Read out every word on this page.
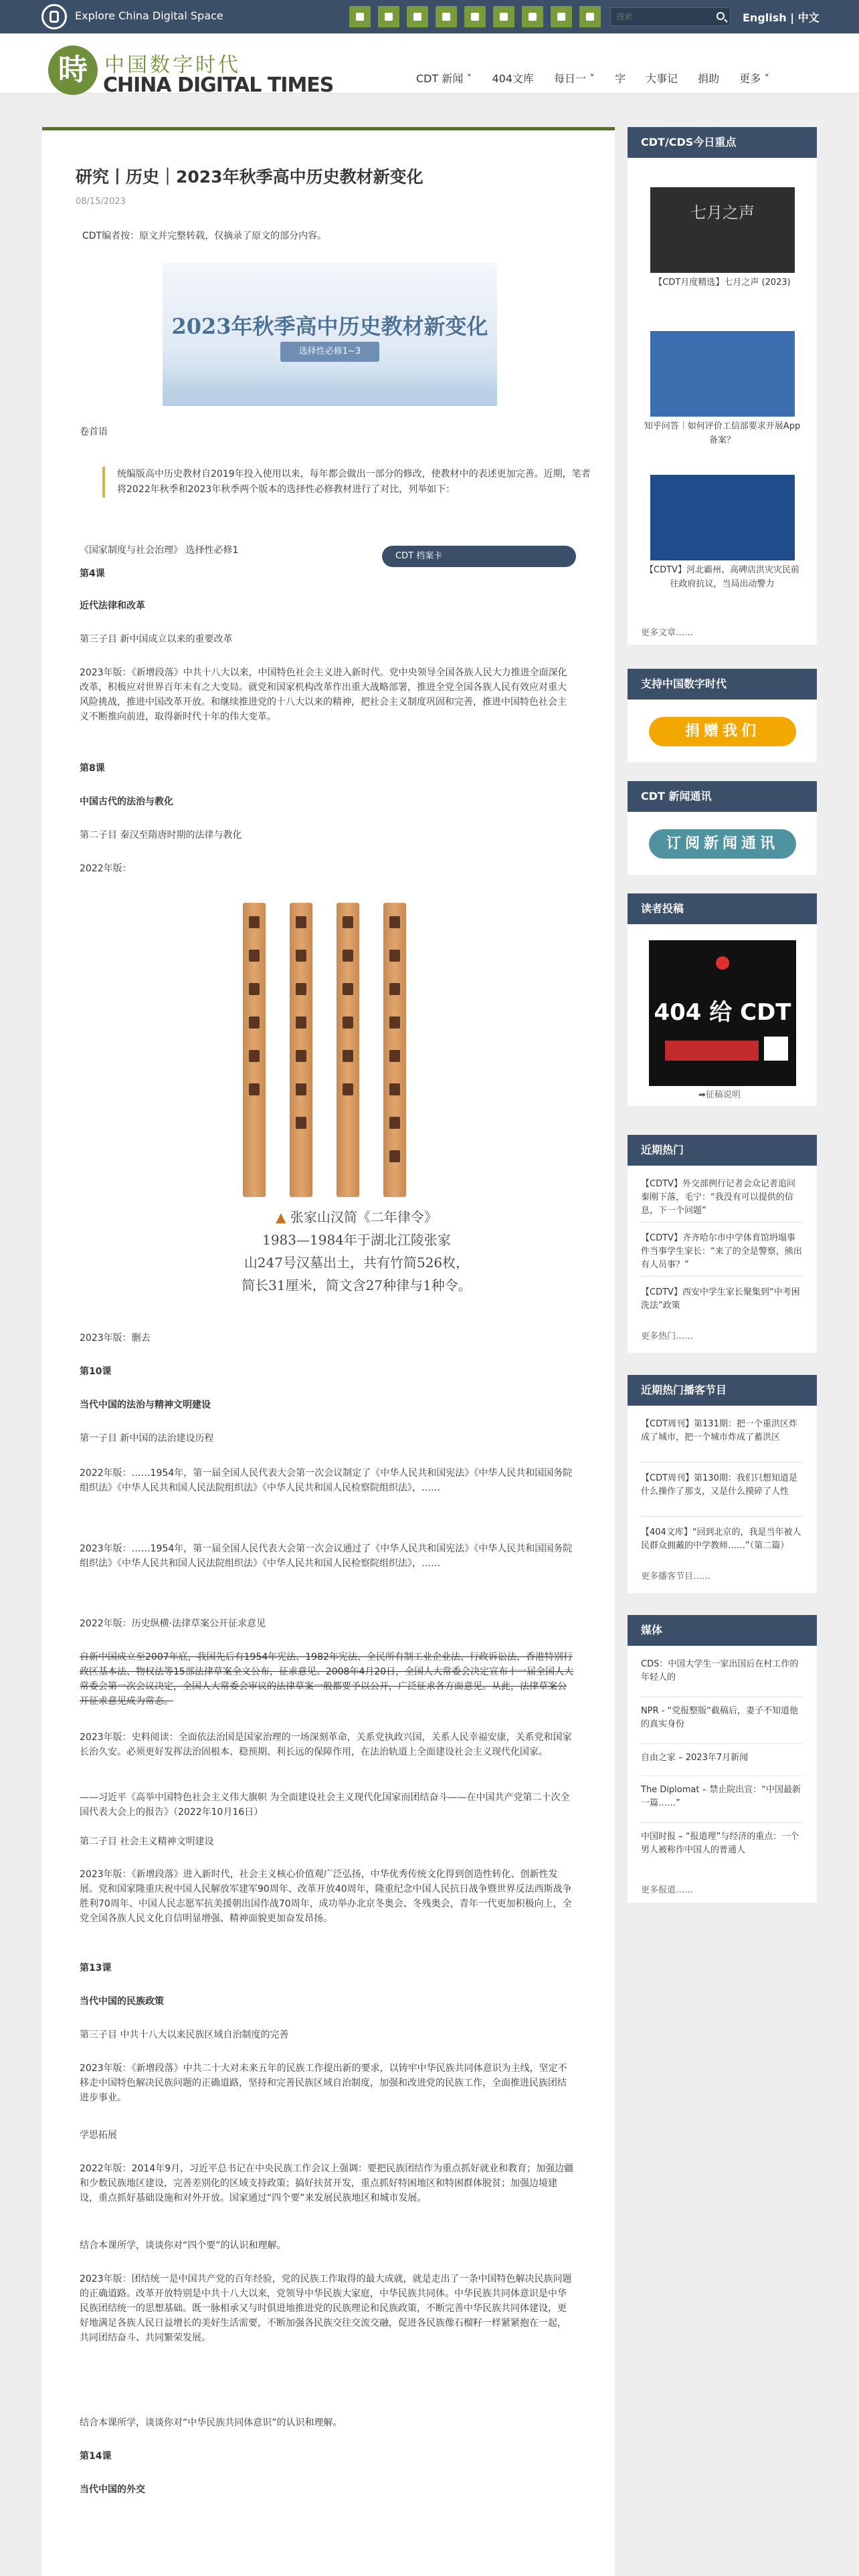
Explore China Digital Space
搜索	English | 中文
時 中国数字时代
CHINA DIGITAL TIMES	CDT 新闻 ˅ 404文库 每日一 ˅ 字 大事记 捐助 更多 ˅
研究丨历史｜2023年秋季高中历史教材新变化
08/15/2023
CDT编者按：原文并完整转载，仅摘录了原文的部分内容。
2023年秋季高中历史教材新变化
选择性必修1~3
卷首语
统编版高中历史教材自2019年投入使用以来，每年都会做出一部分的修改，使教材中的表述更加完善。近期，笔者将2022年秋季和2023年秋季两个版本的选择性必修教材进行了对比，列举如下：
《国家制度与社会治理》 选择性必修1
CDT 档案卡
第4课
近代法律和改革
第三子目 新中国成立以来的重要改革
2023年版：《新增段落》中共十八大以来，中国特色社会主义进入新时代。党中央领导全国各族人民大力推进全面深化改革，积极应对世界百年未有之大变局。就党和国家机构改革作出重大战略部署，推进全党全国各族人民有效应对重大风险挑战，推进中国改革开放。和继续推进党的十八大以来的精神，把社会主义制度巩固和完善，推进中国特色社会主义不断推向前进，取得新时代十年的伟大变革。
第8课
中国古代的法治与教化
第二子目 秦汉至隋唐时期的法律与教化
2022年版：
▲ 张家山汉简《二年律令》
1983—1984年于湖北江陵张家
山247号汉墓出土，共有竹简526枚，
简长31厘米，简文含27种律与1种令。
2023年版：删去
第10课
当代中国的法治与精神文明建设
第一子目 新中国的法治建设历程
2022年版：……1954年，第一届全国人民代表大会第一次会议制定了《中华人民共和国宪法》《中华人民共和国国务院组织法》《中华人民共和国人民法院组织法》《中华人民共和国人民检察院组织法》，……
2023年版：……1954年，第一届全国人民代表大会第一次会议通过了《中华人民共和国宪法》《中华人民共和国国务院组织法》《中华人民共和国人民法院组织法》《中华人民共和国人民检察院组织法》，……
2022年版：历史纵横·法律草案公开征求意见
自新中国成立至2007年底，我国先后有1954年宪法、1982年宪法、全民所有制工业企业法、行政诉讼法、香港特别行政区基本法、物权法等15部法律草案全文公布，征求意见。2008年4月20日，全国人大常委会决定宣布十一届全国人大常委会第一次会议决定，全国人大常委会审议的法律草案一般都要予以公开，广泛征求各方面意见。从此，法律草案公开征求意见成为常态。
2023年版：史料阅读：全面依法治国是国家治理的一场深刻革命，关系党执政兴国，关系人民幸福安康，关系党和国家长治久安。必须更好发挥法治固根本、稳预期、利长远的保障作用，在法治轨道上全面建设社会主义现代化国家。
——习近平《高举中国特色社会主义伟大旗帜 为全面建设社会主义现代化国家而团结奋斗——在中国共产党第二十次全国代表大会上的报告》（2022年10月16日）
第二子目 社会主义精神文明建设
2023年版：《新增段落》进入新时代，社会主义核心价值观广泛弘扬，中华优秀传统文化得到创造性转化、创新性发展。党和国家隆重庆祝中国人民解放军建军90周年、改革开放40周年，隆重纪念中国人民抗日战争暨世界反法西斯战争胜利70周年、中国人民志愿军抗美援朝出国作战70周年，成功举办北京冬奥会、冬残奥会，青年一代更加积极向上，全党全国各族人民文化自信明显增强、精神面貌更加奋发昂扬。
第13课
当代中国的民族政策
第三子目 中共十八大以来民族区域自治制度的完善
2023年版：《新增段落》中共二十大对未来五年的民族工作提出新的要求，以铸牢中华民族共同体意识为主线，坚定不移走中国特色解决民族问题的正确道路，坚持和完善民族区域自治制度，加强和改进党的民族工作，全面推进民族团结进步事业。
学思拓展
2022年版：2014年9月，习近平总书记在中央民族工作会议上强调：要把民族团结作为重点抓好就业和教育；加强边疆和少数民族地区建设，完善差别化的区域支持政策；搞好扶贫开发，重点抓好特困地区和特困群体脱贫；加强边境建设，重点抓好基础设施和对外开放。国家通过“四个要”来发展民族地区和城市发展。
结合本课所学，谈谈你对“四个要”的认识和理解。
2023年版：团结统一是中国共产党的百年经验，党的民族工作取得的最大成就，就是走出了一条中国特色解决民族问题的正确道路。改革开放特别是中共十八大以来，党领导中华民族大家庭，中华民族共同体。中华民族共同体意识是中华民族团结统一的思想基础。既一脉相承又与时俱进地推进党的民族理论和民族政策，不断完善中华民族共同体建设，更好地满足各族人民日益增长的美好生活需要，不断加强各民族交往交流交融，促进各民族像石榴籽一样紧紧抱在一起，共同团结奋斗、共同繁荣发展。
结合本课所学，谈谈你对“中华民族共同体意识”的认识和理解。
第14课
当代中国的外交
CDT/CDS今日重点
七月之声
【CDT月度精选】七月之声 (2023)
知乎问答｜如何评价工信部要求开展App备案？
【CDTV】河北霸州、高碑店洪灾灾民前往政府抗议，当局出动警力
更多文章……
支持中国数字时代
捐赠我们
CDT 新闻通讯
订阅新闻通讯
读者投稿
404 给 CDT
➡征稿说明
近期热门
【CDTV】外交部例行记者会众记者追问秦刚下落，毛宁：“我没有可以提供的信息，下一个问题”
【CDTV】齐齐哈尔市中学体育馆坍塌事件当事学生家长：“来了的全是警察，熊出有人员事？”
【CDTV】西安中学生家长聚集到“中考困洗法”政策
更多热门……
近期热门播客节目
【CDT周刊】第131期：把一个重洪区炸成了城市，把一个城市炸成了蓄洪区
【CDT周刊】第130期：我们只想知道是什么操作了那支，又是什么摸碎了人性
【404文库】“回到北京的，我是当年被人民群众拥戴的中学教师……”（第二篇）
更多播客节目……
媒体
CDS：中国大学生一家出国后在村工作的年轻人的
NPR - “党报整版“截稿后，妻子不知道他的真实身份
自由之家 – 2023年7月新闻
The Diplomat – 禁止院出宣：“中国最新一篇……”
中国时报 – “报道理”与经济的重点：一个男人被称作中国人的普通人
更多报道……
